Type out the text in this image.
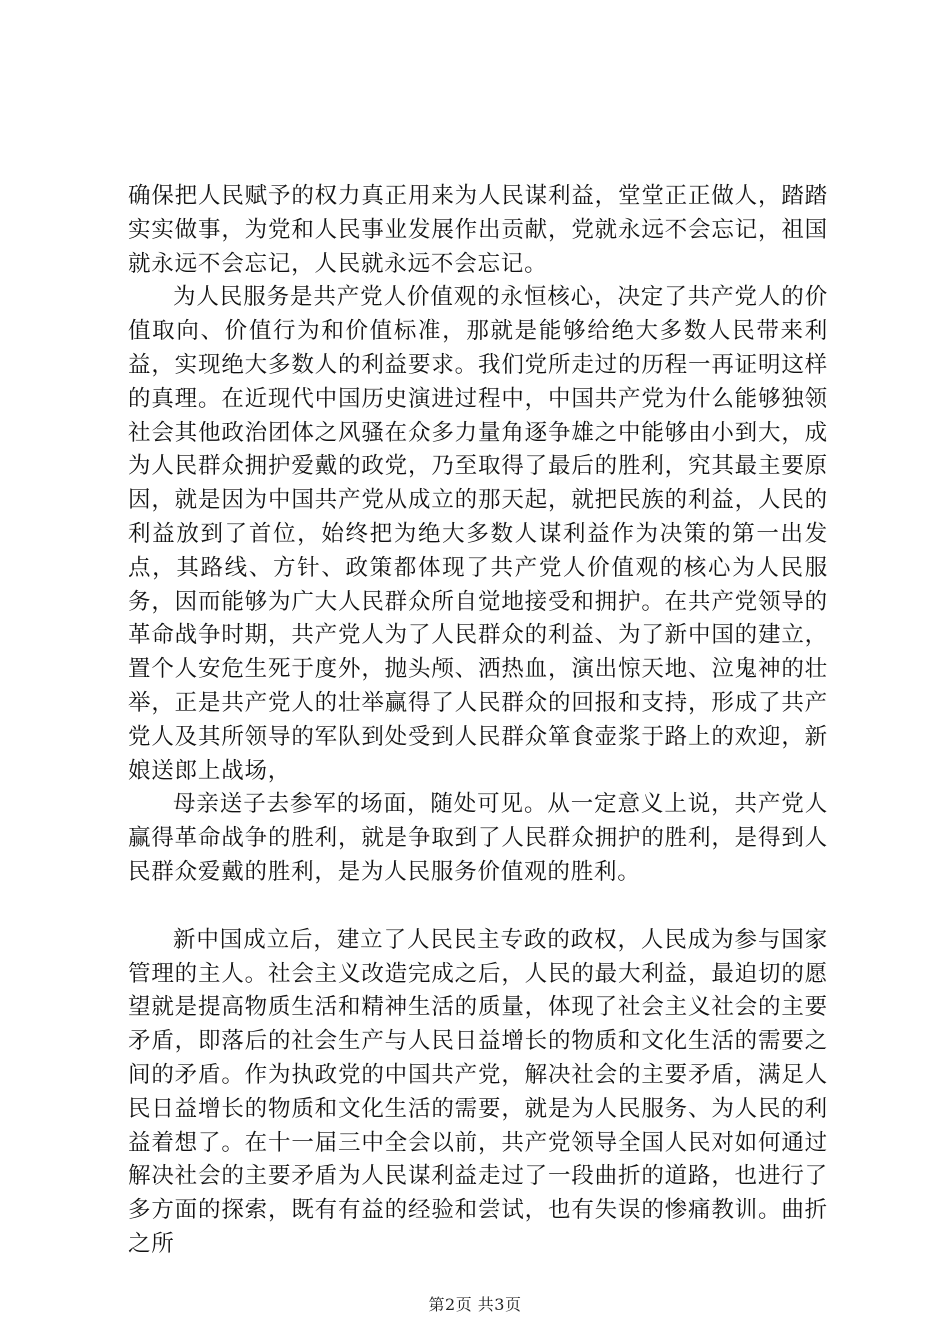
确保把人民赋予的权力真正用来为人民谋利益，堂堂正正做人，踏踏实实做事，为党和人民事业发展作出贡献，党就永远不会忘记，祖国就永远不会忘记，人民就永远不会忘记。

为人民服务是共产党人价值观的永恒核心，决定了共产党人的价值取向、价值行为和价值标准，那就是能够给绝大多数人民带来利益，实现绝大多数人的利益要求。我们党所走过的历程一再证明这样的真理。在近现代中国历史演进过程中，中国共产党为什么能够独领社会其他政治团体之风骚在众多力量角逐争雄之中能够由小到大，成为人民群众拥护爱戴的政党，乃至取得了最后的胜利，究其最主要原因，就是因为中国共产党从成立的那天起，就把民族的利益，人民的利益放到了首位，始终把为绝大多数人谋利益作为决策的第一出发点，其路线、方针、政策都体现了共产党人价值观的核心为人民服务，因而能够为广大人民群众所自觉地接受和拥护。在共产党领导的革命战争时期，共产党人为了人民群众的利益、为了新中国的建立，置个人安危生死于度外，抛头颅、洒热血，演出惊天地、泣鬼神的壮举，正是共产党人的壮举赢得了人民群众的回报和支持，形成了共产党人及其所领导的军队到处受到人民群众箪食壶浆于路上的欢迎，新娘送郎上战场，

母亲送子去参军的场面，随处可见。从一定意义上说，共产党人赢得革命战争的胜利，就是争取到了人民群众拥护的胜利，是得到人民群众爱戴的胜利，是为人民服务价值观的胜利。

新中国成立后，建立了人民民主专政的政权，人民成为参与国家管理的主人。社会主义改造完成之后，人民的最大利益，最迫切的愿望就是提高物质生活和精神生活的质量，体现了社会主义社会的主要矛盾，即落后的社会生产与人民日益增长的物质和文化生活的需要之间的矛盾。作为执政党的中国共产党，解决社会的主要矛盾，满足人民日益增长的物质和文化生活的需要，就是为人民服务、为人民的利益着想了。在十一届三中全会以前，共产党领导全国人民对如何通过解决社会的主要矛盾为人民谋利益走过了一段曲折的道路，也进行了多方面的探索，既有有益的经验和尝试，也有失误的惨痛教训。曲折之所

第2页 共3页
